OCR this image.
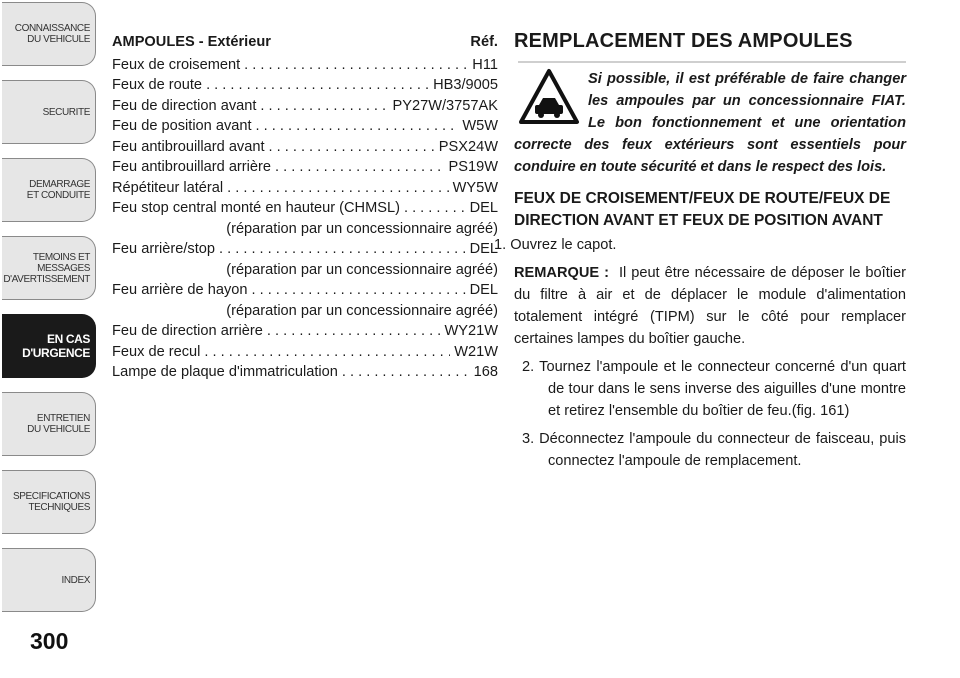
CONNAISSANCE
DU VEHICULE
SECURITE
DEMARRAGE
ET CONDUITE
TEMOINS ET
MESSAGES
D'AVERTISSEMENT
EN CAS
D'URGENCE
ENTRETIEN
DU VEHICULE
SPECIFICATIONS
TECHNIQUES
INDEX
300
AMPOULES - Extérieur	Réf.
Feux de croisement . . .	H11
Feux de route . . .	HB3/9005
Feu de direction avant . . .	PY27W/3757AK
Feu de position avant . . .	W5W
Feu antibrouillard avant . . .	PSX24W
Feu antibrouillard arrière . . .	PS19W
Répétiteur latéral . . .	WY5W
Feu stop central monté en hauteur (CHMSL) . . .	DEL
(réparation par un concessionnaire agréé)
Feu arrière/stop . . .	DEL
(réparation par un concessionnaire agréé)
Feu arrière de hayon . . .	DEL
(réparation par un concessionnaire agréé)
Feu de direction arrière . . .	WY21W
Feux de recul . . .	W21W
Lampe de plaque d'immatriculation . . .	168
REMPLACEMENT DES AMPOULES
Si possible, il est préférable de faire changer les ampoules par un concessionnaire FIAT. Le bon fonctionnement et une orientation correcte des feux extérieurs sont essentiels pour conduire en toute sécurité et dans le respect des lois.
FEUX DE CROISEMENT/FEUX DE ROUTE/FEUX DE DIRECTION AVANT ET FEUX DE POSITION AVANT
1. Ouvrez le capot.
REMARQUE : Il peut être nécessaire de déposer le boîtier du filtre à air et de déplacer le module d'alimentation totalement intégré (TIPM) sur le côté pour remplacer certaines lampes du boîtier gauche.
2. Tournez l'ampoule et le connecteur concerné d'un quart de tour dans le sens inverse des aiguilles d'une montre et retirez l'ensemble du boîtier de feu.(fig. 161)
3. Déconnectez l'ampoule du connecteur de faisceau, puis connectez l'ampoule de remplacement.
